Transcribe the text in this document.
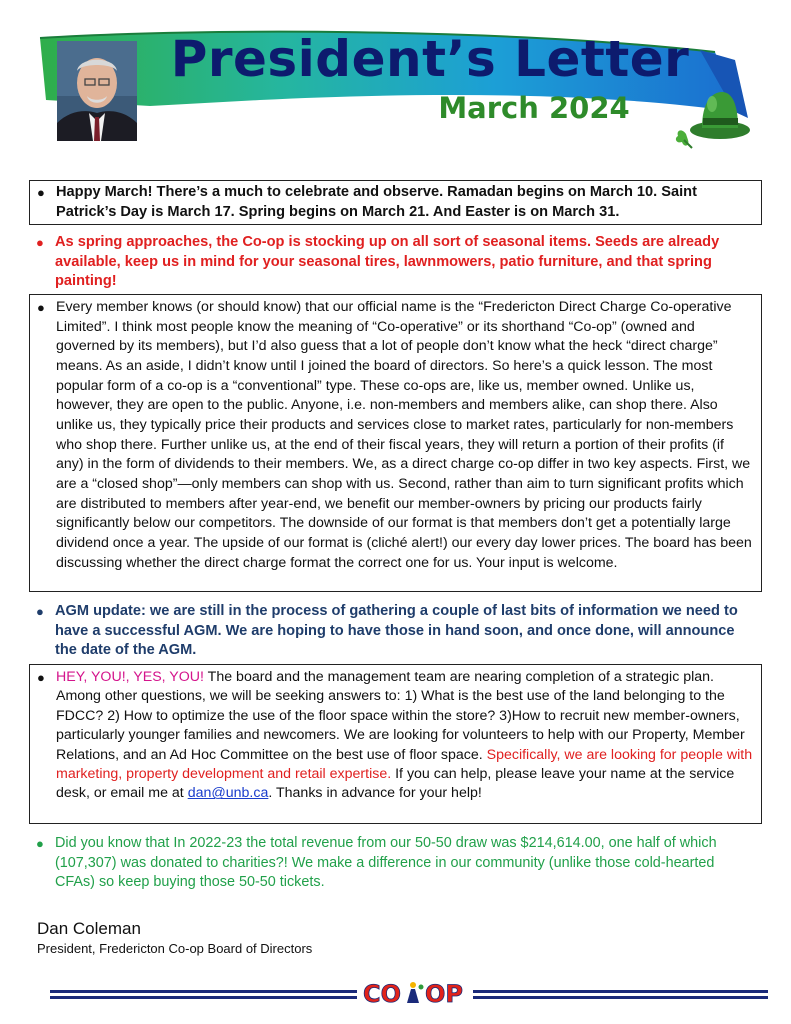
President’s Letter
March 2024
● Happy March! There’s a much to celebrate and observe. Ramadan begins on March 10. Saint Patrick’s Day is March 17. Spring begins on March 21. And Easter is on March 31.
● As spring approaches, the Co-op is stocking up on all sort of seasonal items. Seeds are already available, keep us in mind for your seasonal tires, lawnmowers, patio furniture, and that spring painting!
● Every member knows (or should know) that our official name is the “Fredericton Direct Charge Co-operative Limited”. I think most people know the meaning of “Co-operative” or its shorthand “Co-op” (owned and governed by its members), but I’d also guess that a lot of people don’t know what the heck “direct charge” means. As an aside, I didn’t know until I joined the board of directors. So here’s a quick lesson. The most popular form of a co-op is a “conventional” type. These co-ops are, like us, member owned. Unlike us, however, they are open to the public. Anyone, i.e. non-members and members alike, can shop there. Also unlike us, they typically price their products and services close to market rates, particularly for non-members who shop there. Further unlike us, at the end of their fiscal years, they will return a portion of their profits (if any) in the form of dividends to their members. We, as a direct charge co-op differ in two key aspects. First, we are a “closed shop”—only members can shop with us. Second, rather than aim to turn significant profits which are distributed to members after year-end, we benefit our member-owners by pricing our products fairly significantly below our competitors. The downside of our format is that members don’t get a potentially large dividend once a year. The upside of our format is (cliché alert!) our every day lower prices. The board has been discussing whether the direct charge format the correct one for us. Your input is welcome.
● AGM update: we are still in the process of gathering a couple of last bits of information we need to have a successful AGM. We are hoping to have those in hand soon, and once done, will announce the date of the AGM.
● HEY, YOU!, YES, YOU! The board and the management team are nearing completion of a strategic plan. Among other questions, we will be seeking answers to: 1) What is the best use of the land belonging to the FDCC? 2) How to optimize the use of the floor space within the store? 3)How to recruit new member-owners, particularly younger families and newcomers. We are looking for volunteers to help with our Property, Member Relations, and an Ad Hoc Committee on the best use of floor space. Specifically, we are looking for people with marketing, property development and retail expertise. If you can help, please leave your name at the service desk, or email me at dan@unb.ca. Thanks in advance for your help!
● Did you know that In 2022-23 the total revenue from our 50-50 draw was $214,614.00, one half of which (107,307) was donated to charities?! We make a difference in our community (unlike those cold-hearted CFAs) so keep buying those 50-50 tickets.
Dan Coleman
President, Fredericton Co-op Board of Directors
CO OP
